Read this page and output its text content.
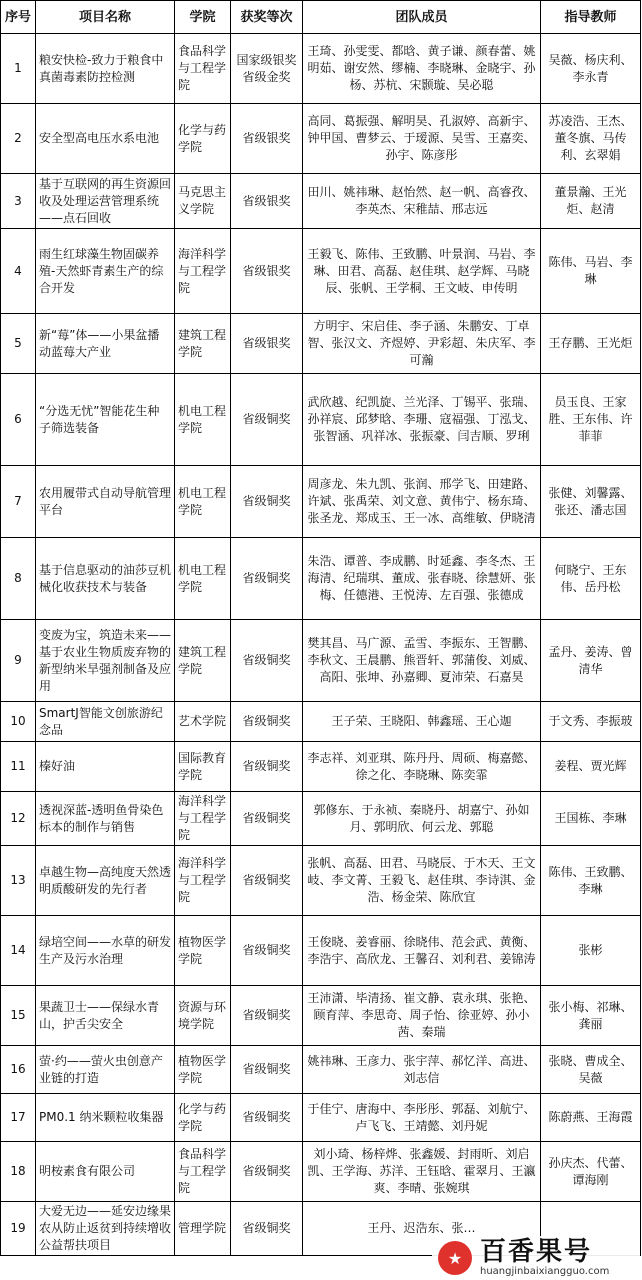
序号	项目名称	学院	获奖等次	团队成员	指导教师
1	粮安快检-致力于粮食中真菌毒素防控检测	食品科学与工程学院	国家级银奖 省级金奖	王琦、孙雯雯、都晗、黄子谦、颜春蕾、姚明茹、谢安然、缪楠、李晓琳、金晓宇、孙杨、苏杭、宋颢璇、吴必聪	吴薇、杨庆利、李永青
2	安全型高电压水系电池	化学与药学院	省级银奖	高同、葛振强、解明昊、孔淑婷、高新宇、钟甲国、曹梦云、于瑷源、吴雪、王嘉奕、孙宇、陈彦彤	苏凌浩、王杰、董冬旗、马传利、玄翠娟
3	基于互联网的再生资源回收及处理运营管理系统——点石回收	马克思主义学院	省级银奖	田川、姚祎琳、赵怡然、赵一帆、高睿孜、李英杰、宋稚喆、邢志远	董景瀚、王光炬、赵清
4	雨生红球藻生物固碳养殖-天然虾青素生产的综合开发	海洋科学与工程学院	省级银奖	王毅飞、陈伟、王致鹏、叶景润、马岩、李琳、田君、高磊、赵佳琪、赵学辉、马晓辰、张帆、王学桐、王文岐、申传明	陈伟、马岩、李琳
5	新“莓”体——小果盆播动蓝莓大产业	建筑工程学院	省级银奖	方明宇、宋启佳、李子涵、朱鹏安、丁卓智、张汉文、齐煜婷、尹彩超、朱庆军、李可瀚	王存鹏、王光炬
6	“分选无忧”智能花生种子筛选装备	机电工程学院	省级铜奖	武欣越、纪凯旋、兰光泽、丁锡平、张瑞、孙祥宸、邱梦晗、李珊、寇福强、丁泓戈、张智涵、巩祥冰、张振豪、闫吉顺、罗琍	员玉良、王家胜、王东伟、许菲菲
7	农用履带式自动导航管理平台	机电工程学院	省级铜奖	周彦龙、朱九凯、张润、邢学飞、田建路、许斌、张禹荣、刘文意、黄伟宁、杨东琦、张圣龙、郑成玉、王一冰、高维敏、伊晓清	张健、刘馨露、张还、潘志国
8	基于信息驱动的油莎豆机械化收获技术与装备	机电工程学院	省级铜奖	朱浩、谭普、李成鹏、时延鑫、李冬杰、王海清、纪瑞琪、董成、张春晓、徐慧妍、张梅、任德港、王悦涛、左百强、张德成	何晓宁、王东伟、岳丹松
9	变废为宝，筑造未来——基于农业生物质废弃物的新型纳米旱强剂制备及应用	建筑工程学院	省级铜奖	樊其昌、马广源、孟雪、李振东、王智鹏、李秋文、王晨鹏、熊晋轩、郭蒲俊、刘威、高阳、张坤、孙嘉卿、夏沛荣、石嘉昊	孟丹、姜涛、曾清华
10	SmartJ智能文创旅游纪念品	艺术学院	省级铜奖	王子荣、王晓阳、韩鑫瑶、王心迦	于文秀、李振玻
11	榛好油	国际教育学院	省级铜奖	李志祥、刘亚琪、陈丹丹、周硕、梅嘉懿、徐之化、李晓琳、陈奕霏	姜程、贾光辉
12	透视深蓝-透明鱼骨染色标本的制作与销售	海洋科学与工程学院	省级铜奖	郭修东、于永祯、秦晓丹、胡嘉宁、孙如月、郭明欣、何云龙、郭聪	王国栋、李琳
13	卓越生物—高纯度天然透明质酸研发的先行者	海洋科学与工程学院	省级铜奖	张帆、高磊、田君、马晓辰、于木天、王文岐、李文菁、王毅飞、赵佳琪、李诗淇、金浩、杨金荣、陈欣宜	陈伟、王致鹏、李琳
14	绿培空间——水草的研发生产及污水治理	植物医学学院	省级铜奖	王俊晓、姜睿丽、徐晓伟、范会武、黄衡、李浩宇、高欣龙、王馨召、刘利君、姜锦涛	张彬
15	果蔬卫士——保绿水青山，护舌尖安全	资源与环境学院	省级铜奖	王沛潇、毕清扬、崔文静、袁永琪、张艳、顾育萍、李思奇、周子怡、徐亚婷、孙小茜、秦瑞	张小梅、祁琳、龚丽
16	萤·约——萤火虫创意产业链的打造	植物医学学院	省级铜奖	姚祎琳、王彦力、张宇萍、郝忆洋、高进、刘志信	张晓、曹成全、吴薇
17	PM0.1 纳米颗粒收集器	化学与药学院	省级铜奖	于佳宁、唐海中、李彤彤、郭磊、刘航宁、卢飞飞、王靖懿、刘丹妮	陈蔚燕、王海霞
18	明桉素食有限公司	食品科学与工程学院	省级铜奖	刘小琦、杨梓烨、张鑫媛、封雨昕、刘启凯、王学海、苏洋、王钰晗、霍翠月、王瀛爽、李晴、张婉琪	孙庆杰、代蕾、谭海刚
19	大爱无边——延安边缘果农从防止返贫到持续增收公益帮扶项目	管理学院	省级铜奖	王丹、迟浩东、张…	
★ 百香果号
huangjinbaixiangguo.com
